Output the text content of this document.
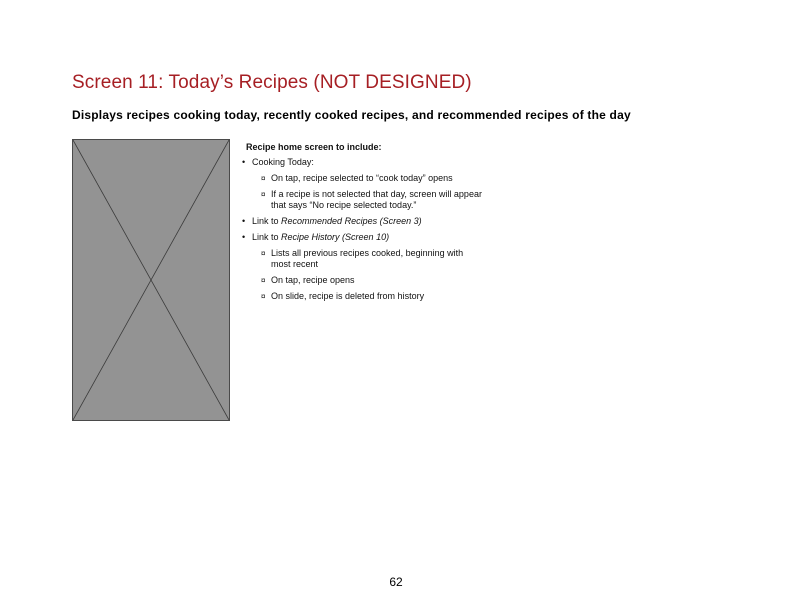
Screen 11: Today’s Recipes (NOT DESIGNED)
Displays recipes cooking today, recently cooked recipes, and recommended recipes of the day
Recipe home screen to include:
• Cooking Today:
¤ On tap, recipe selected to “cook today” opens
¤ If a recipe is not selected that day, screen will appear that says “No recipe selected today.”
• Link to Recommended Recipes (Screen 3)
• Link to Recipe History (Screen 10)
¤ Lists all previous recipes cooked, beginning with most recent
¤ On tap, recipe opens
¤ On slide, recipe is deleted from history
62
